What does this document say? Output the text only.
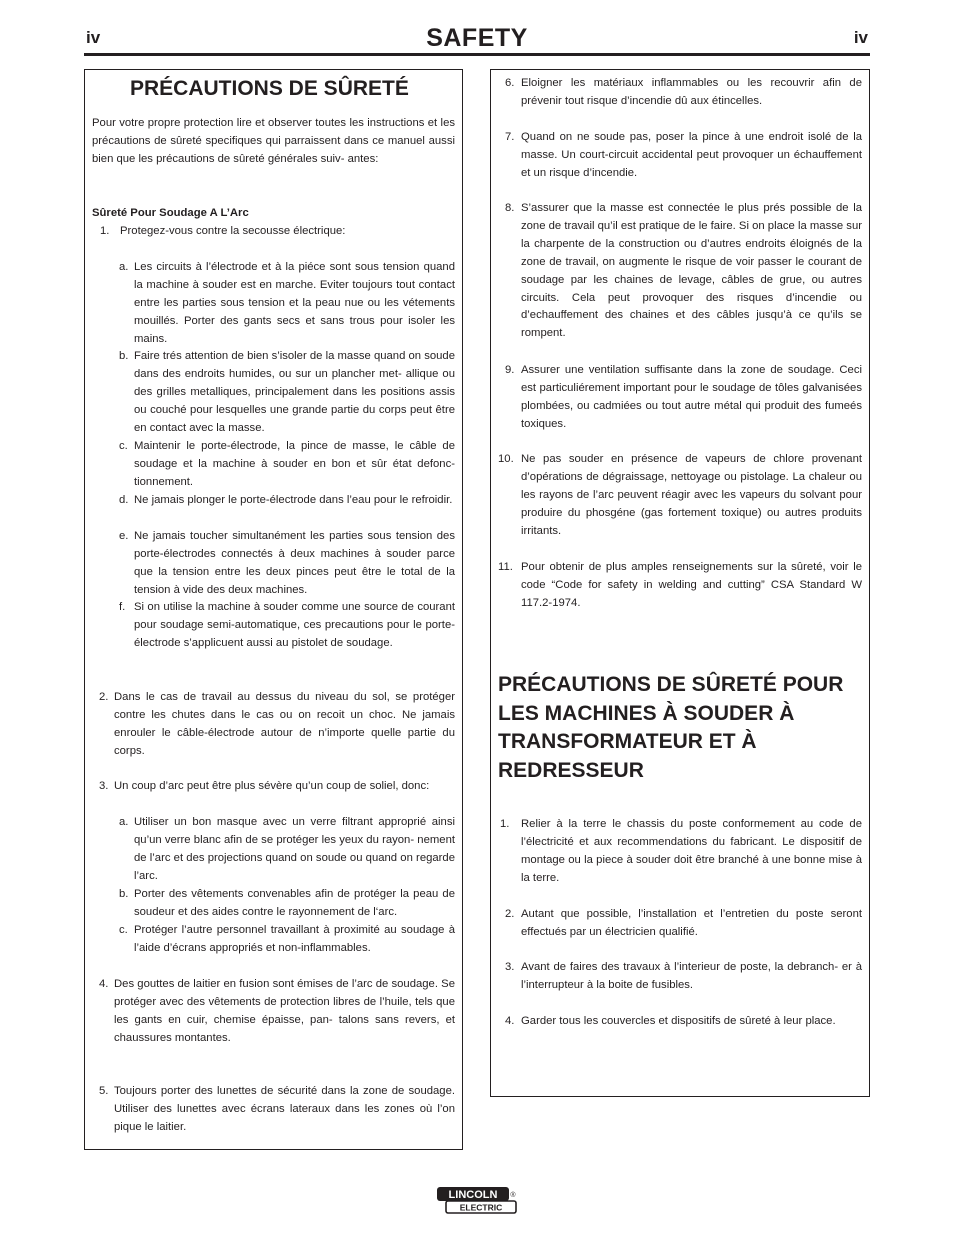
iv	SAFETY	iv
PRÉCAUTIONS DE SÛRETÉ
Pour votre propre protection lire et observer toutes les instructions et les précautions de sûreté specifiques qui parraissent dans ce manuel aussi bien que les précautions de sûreté générales suiv- antes:
Sûreté Pour Soudage A L’Arc
1. Protegez-vous contre la secousse électrique:
a. Les circuits à l’électrode et à la piéce sont sous tension quand la machine à souder est en marche. Eviter toujours tout contact entre les parties sous tension et la peau nue ou les vétements mouillés. Porter des gants secs et sans trous pour isoler les mains.
b. Faire trés attention de bien s’isoler de la masse quand on soude dans des endroits humides, ou sur un plancher met- allique ou des grilles metalliques, principalement dans les positions assis ou couché pour lesquelles une grande partie du corps peut être en contact avec la masse.
c. Maintenir le porte-électrode, la pince de masse, le câble de soudage et la machine à souder en bon et sûr état defonc- tionnement.
d. Ne jamais plonger le porte-électrode dans l’eau pour le refroidir.
e. Ne jamais toucher simultanément les parties sous tension des porte-électrodes connectés à deux machines à souder parce que la tension entre les deux pinces peut être le total de la tension à vide des deux machines.
f. Si on utilise la machine à souder comme une source de courant pour soudage semi-automatique, ces precautions pour le porte-électrode s’applicuent aussi au pistolet de soudage.
2. Dans le cas de travail au dessus du niveau du sol, se protéger contre les chutes dans le cas ou on recoit un choc. Ne jamais enrouler le câble-électrode autour de n’importe quelle partie du corps.
3. Un coup d’arc peut être plus sévère qu’un coup de soliel, donc:
a. Utiliser un bon masque avec un verre filtrant approprié ainsi qu’un verre blanc afin de se protéger les yeux du rayon- nement de l’arc et des projections quand on soude ou quand on regarde l’arc.
b. Porter des vêtements convenables afin de protéger la peau de soudeur et des aides contre le rayonnement de l‘arc.
c. Protéger l’autre personnel travaillant à proximité au soudage à l’aide d’écrans appropriés et non-inflammables.
4. Des gouttes de laitier en fusion sont émises de l’arc de soudage. Se protéger avec des vêtements de protection libres de l’huile, tels que les gants en cuir, chemise épaisse, pan- talons sans revers, et chaussures montantes.
5. Toujours porter des lunettes de sécurité dans la zone de soudage. Utiliser des lunettes avec écrans lateraux dans les zones où l’on pique le laitier.
6. Eloigner les matériaux inflammables ou les recouvrir afin de prévenir tout risque d’incendie dû aux étincelles.
7. Quand on ne soude pas, poser la pince à une endroit isolé de la masse. Un court-circuit accidental peut provoquer un échauffement et un risque d’incendie.
8. S’assurer que la masse est connectée le plus prés possible de la zone de travail qu’il est pratique de le faire. Si on place la masse sur la charpente de la construction ou d’autres endroits éloignés de la zone de travail, on augmente le risque de voir passer le courant de soudage par les chaines de levage, câbles de grue, ou autres circuits. Cela peut provoquer des risques d’incendie ou d’echauffement des chaines et des câbles jusqu’à ce qu’ils se rompent.
9. Assurer une ventilation suffisante dans la zone de soudage. Ceci est particuliérement important pour le soudage de tôles galvanisées plombées, ou cadmiées ou tout autre métal qui produit des fumeés toxiques.
10. Ne pas souder en présence de vapeurs de chlore provenant d’opérations de dégraissage, nettoyage ou pistolage. La chaleur ou les rayons de l’arc peuvent réagir avec les vapeurs du solvant pour produire du phosgéne (gas fortement toxique) ou autres produits irritants.
11. Pour obtenir de plus amples renseignements sur la sûreté, voir le code “Code for safety in welding and cutting” CSA Standard W 117.2-1974.
PRÉCAUTIONS DE SÛRETÉ POUR
LES MACHINES À SOUDER À
TRANSFORMATEUR ET À
REDRESSEUR
1. Relier à la terre le chassis du poste conformement au code de l’électricité et aux recommendations du fabricant. Le dispositif de montage ou la piece à souder doit être branché à une bonne mise à la terre.
2. Autant que possible, l’installation et l’entretien du poste seront effectués par un électricien qualifié.
3. Avant de faires des travaux à l’interieur de poste, la debranch- er à l’interrupteur à la boite de fusibles.
4. Garder tous les couvercles et dispositifs de sûreté à leur place.
LINCOLN ®
ELECTRIC
